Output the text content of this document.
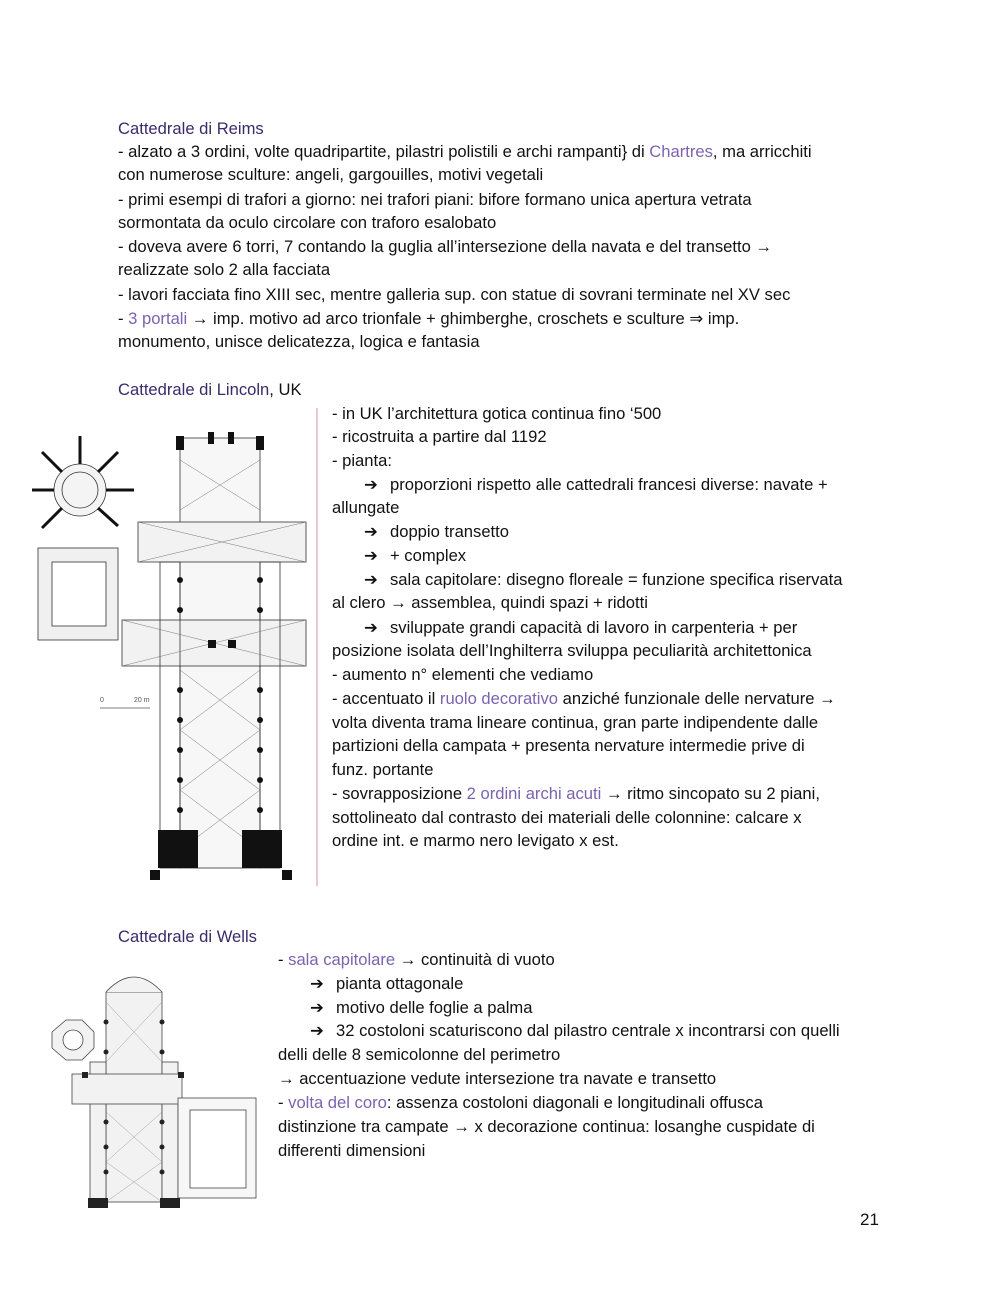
Cattedrale di Reims
- alzato a 3 ordini, volte quadripartite, pilastri polistili e archi rampanti} di Chartres, ma arricchiti
con numerose sculture: angeli, gargouilles, motivi vegetali
- primi esempi di trafori a giorno: nei trafori piani: bifore formano unica apertura vetrata
sormontata da oculo circolare con traforo esalobato
- doveva avere 6 torri, 7 contando la guglia all’intersezione della navata e del transetto →
realizzate solo 2 alla facciata
- lavori facciata fino XIII sec, mentre galleria sup. con statue di sovrani terminate nel XV sec
- 3 portali → imp. motivo ad arco trionfale + ghimberghe, croschets e sculture ⇒ imp.
monumento, unisce delicatezza, logica e fantasia
Cattedrale di Lincoln, UK
0	20 m
- in UK l’architettura gotica continua fino ‘500
- ricostruita a partire dal 1192
- pianta:
➔ proporzioni rispetto alle cattedrali francesi diverse: navate +
allungate
➔ doppio transetto
➔ + complex
➔ sala capitolare: disegno floreale = funzione specifica riservata
al clero → assemblea, quindi spazi + ridotti
➔ sviluppate grandi capacità di lavoro in carpenteria + per
posizione isolata dell’Inghilterra sviluppa peculiarità architettonica
- aumento n° elementi che vediamo
- accentuato il ruolo decorativo anziché funzionale delle nervature →
volta diventa trama lineare continua, gran parte indipendente dalle
partizioni della campata + presenta nervature intermedie prive di
funz. portante
- sovrapposizione 2 ordini archi acuti → ritmo sincopato su 2 piani,
sottolineato dal contrasto dei materiali delle colonnine: calcare x
ordine int. e marmo nero levigato x est.
Cattedrale di Wells
- sala capitolare → continuità di vuoto
➔ pianta ottagonale
➔ motivo delle foglie a palma
➔ 32 costoloni scaturiscono dal pilastro centrale x incontrarsi con quelli
delli delle 8 semicolonne del perimetro
→ accentuazione vedute intersezione tra navate e transetto
- volta del coro: assenza costoloni diagonali e longitudinali offusca
distinzione tra campate → x decorazione continua: losanghe cuspidate di
differenti dimensioni
21
